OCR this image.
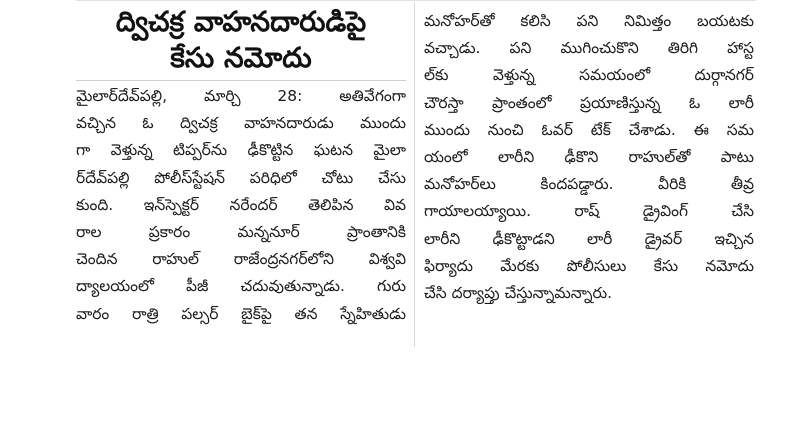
ద్విచక్ర వాహనదారుడిపై
కేసు నమోదు
మైలార్‌దేవ్‌పల్లి, మార్చి 28: అతివేగంగా
వచ్చిన ఓ ద్విచక్ర వాహనదారుడు ముందు
గా వెళ్తున్న టిప్పర్‌ను ఢీకొట్టిన ఘటన మైలా
ర్‌దేవ్‌పల్లి పోలీస్‌స్టేషన్ పరిధిలో చోటు చేసు
కుంది. ఇన్‌స్పెక్టర్ నరేందర్ తెలిపిన వివ
రాల ప్రకారం మన్ననూర్ ప్రాంతానికి
చెందిన రాహుల్ రాజేంద్రనగర్‌లోని విశ్వవి
ద్యాలయంలో పీజీ చదువుతున్నాడు. గురు
వారం రాత్రి పల్సర్ బైక్‌పై తన స్నేహితుడు
మనోహర్‌తో కలిసి పని నిమిత్తం బయటకు
వచ్చాడు. పని ముగించుకొని తిరిగి హాస్ట
ల్‌కు వెళ్తున్న సమయంలో దుర్గానగర్
చౌరస్తా ప్రాంతంలో ప్రయాణిస్తున్న ఓ లారీ
ముందు నుంచి ఓవర్ టేక్ చేశాడు. ఈ సమ
యంలో లారీని ఢీకొని రాహుల్‌తో పాటు
మనోహర్‌లు కిందపడ్డారు. వీరికి తీవ్ర
గాయాలయ్యాయి. రాష్ డ్రైవింగ్ చేసి
లారీని ఢీకొట్టాడని లారీ డ్రైవర్ ఇచ్చిన
ఫిర్యాదు మేరకు పోలీసులు కేసు నమోదు
చేసి దర్యాప్తు చేస్తున్నామన్నారు.
